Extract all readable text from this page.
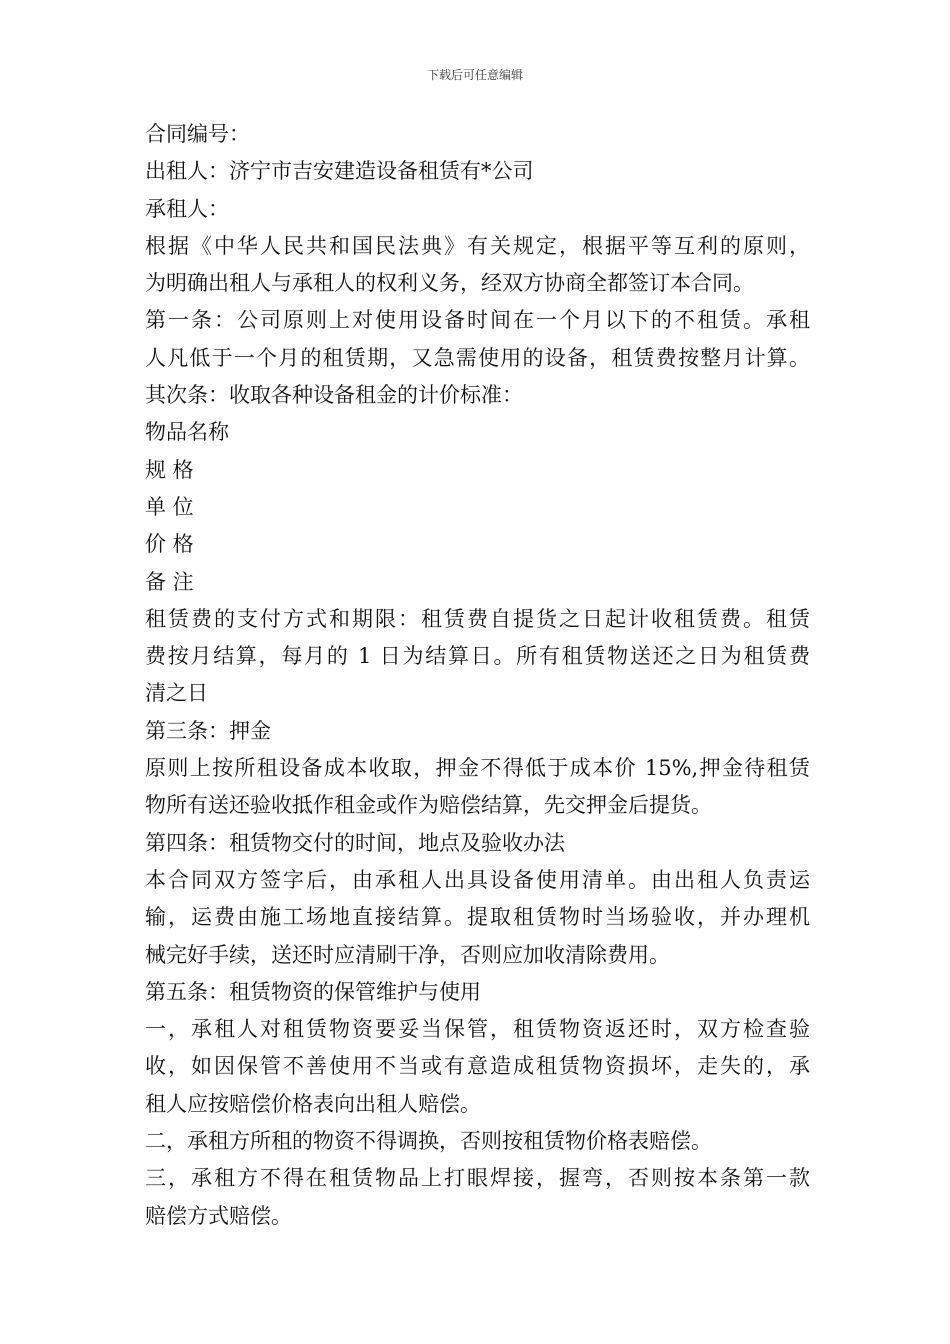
下载后可任意编辑
合同编号：
出租人：济宁市吉安建造设备租赁有*公司
承租人：
根据《中华人民共和国民法典》有关规定，根据平等互利的原则，
为明确出租人与承租人的权利义务，经双方协商全都签订本合同。
第一条：公司原则上对使用设备时间在一个月以下的不租赁。承租
人凡低于一个月的租赁期，又急需使用的设备，租赁费按整月计算。
其次条：收取各种设备租金的计价标准：
物品名称
规 格
单 位
价 格
备 注
租赁费的支付方式和期限：租赁费自提货之日起计收租赁费。租赁
费按月结算，每月的 1 日为结算日。所有租赁物送还之日为租赁费
清之日
第三条：押金
原则上按所租设备成本收取，押金不得低于成本价 15%,押金待租赁
物所有送还验收抵作租金或作为赔偿结算，先交押金后提货。
第四条：租赁物交付的时间，地点及验收办法
本合同双方签字后，由承租人出具设备使用清单。由出租人负责运
输，运费由施工场地直接结算。提取租赁物时当场验收，并办理机
械完好手续，送还时应清刷干净，否则应加收清除费用。
第五条：租赁物资的保管维护与使用
一，承租人对租赁物资要妥当保管，租赁物资返还时，双方检查验
收，如因保管不善使用不当或有意造成租赁物资损坏，走失的，承
租人应按赔偿价格表向出租人赔偿。
二，承租方所租的物资不得调换，否则按租赁物价格表赔偿。
三，承租方不得在租赁物品上打眼焊接，握弯，否则按本条第一款
赔偿方式赔偿。
